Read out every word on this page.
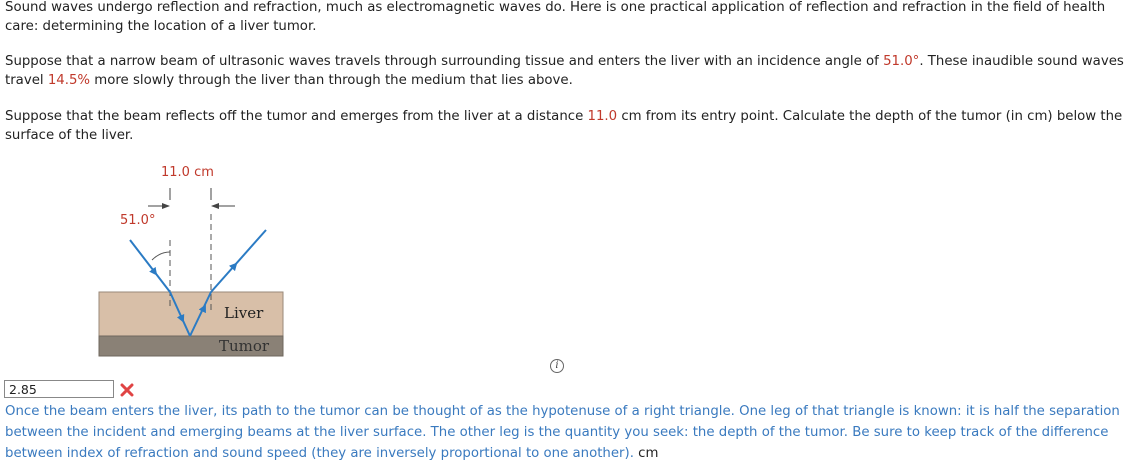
Sound waves undergo reflection and refraction, much as electromagnetic waves do. Here is one practical application of reflection and refraction in the field of health care: determining the location of a liver tumor.

Suppose that a narrow beam of ultrasonic waves travels through surrounding tissue and enters the liver with an incidence angle of 51.0°. These inaudible sound waves travel 14.5% more slowly through the liver than through the medium that lies above.

Suppose that the beam reflects off the tumor and emerges from the liver at a distance 11.0 cm from its entry point. Calculate the depth of the tumor (in cm) below the surface of the liver.

11.0 cm
51.0°
Liver
Tumor
i
2.85

Once the beam enters the liver, its path to the tumor can be thought of as the hypotenuse of a right triangle. One leg of that triangle is known: it is half the separation between the incident and emerging beams at the liver surface. The other leg is the quantity you seek: the depth of the tumor. Be sure to keep track of the difference between index of refraction and sound speed (they are inversely proportional to one another). cm
